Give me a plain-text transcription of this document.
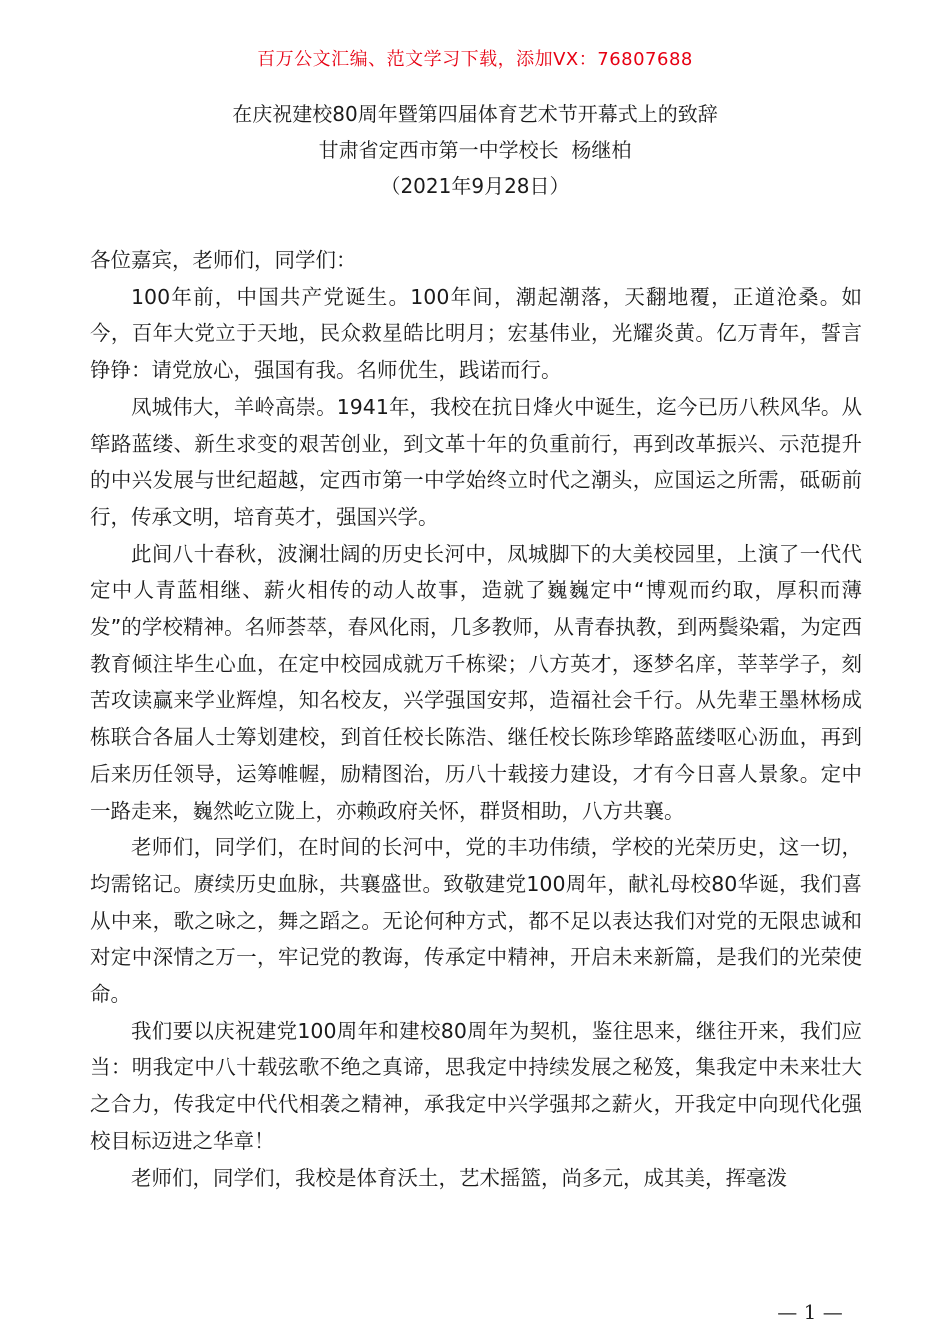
百万公文汇编、范文学习下载，添加VX：76807688
在庆祝建校80周年暨第四届体育艺术节开幕式上的致辞
甘肃省定西市第一中学校长  杨继柏
（2021年9月28日）

各位嘉宾，老师们，同学们：

100年前，中国共产党诞生。100年间，潮起潮落，天翻地覆，正道沧桑。如今，百年大党立于天地，民众救星皓比明月；宏基伟业，光耀炎黄。亿万青年，誓言铮铮：请党放心，强国有我。名师优生，践诺而行。

凤城伟大，羊岭高崇。1941年，我校在抗日烽火中诞生，迄今已历八秩风华。从筚路蓝缕、新生求变的艰苦创业，到文革十年的负重前行，再到改革振兴、示范提升的中兴发展与世纪超越，定西市第一中学始终立时代之潮头，应国运之所需，砥砺前行，传承文明，培育英才，强国兴学。

此间八十春秋，波澜壮阔的历史长河中，凤城脚下的大美校园里，上演了一代代定中人青蓝相继、薪火相传的动人故事，造就了巍巍定中“博观而约取，厚积而薄发”的学校精神。名师荟萃，春风化雨，几多教师，从青春执教，到两鬓染霜，为定西教育倾注毕生心血，在定中校园成就万千栋梁；八方英才，逐梦名庠，莘莘学子，刻苦攻读赢来学业辉煌，知名校友，兴学强国安邦，造福社会千行。从先辈王墨林杨成栋联合各届人士筹划建校，到首任校长陈浩、继任校长陈珍筚路蓝缕呕心沥血，再到后来历任领导，运筹帷幄，励精图治，历八十载接力建设，才有今日喜人景象。定中一路走来，巍然屹立陇上，亦赖政府关怀，群贤相助，八方共襄。

老师们，同学们，在时间的长河中，党的丰功伟绩，学校的光荣历史，这一切，均需铭记。赓续历史血脉，共襄盛世。致敬建党100周年，献礼母校80华诞，我们喜从中来，歌之咏之，舞之蹈之。无论何种方式，都不足以表达我们对党的无限忠诚和对定中深情之万一，牢记党的教诲，传承定中精神，开启未来新篇，是我们的光荣使命。

我们要以庆祝建党100周年和建校80周年为契机，鉴往思来，继往开来，我们应当：明我定中八十载弦歌不绝之真谛，思我定中持续发展之秘笈，集我定中未来壮大之合力，传我定中代代相袭之精神，承我定中兴学强邦之薪火，开我定中向现代化强校目标迈进之华章！

老师们，同学们，我校是体育沃土，艺术摇篮，尚多元，成其美，挥毫泼

— 1 —
